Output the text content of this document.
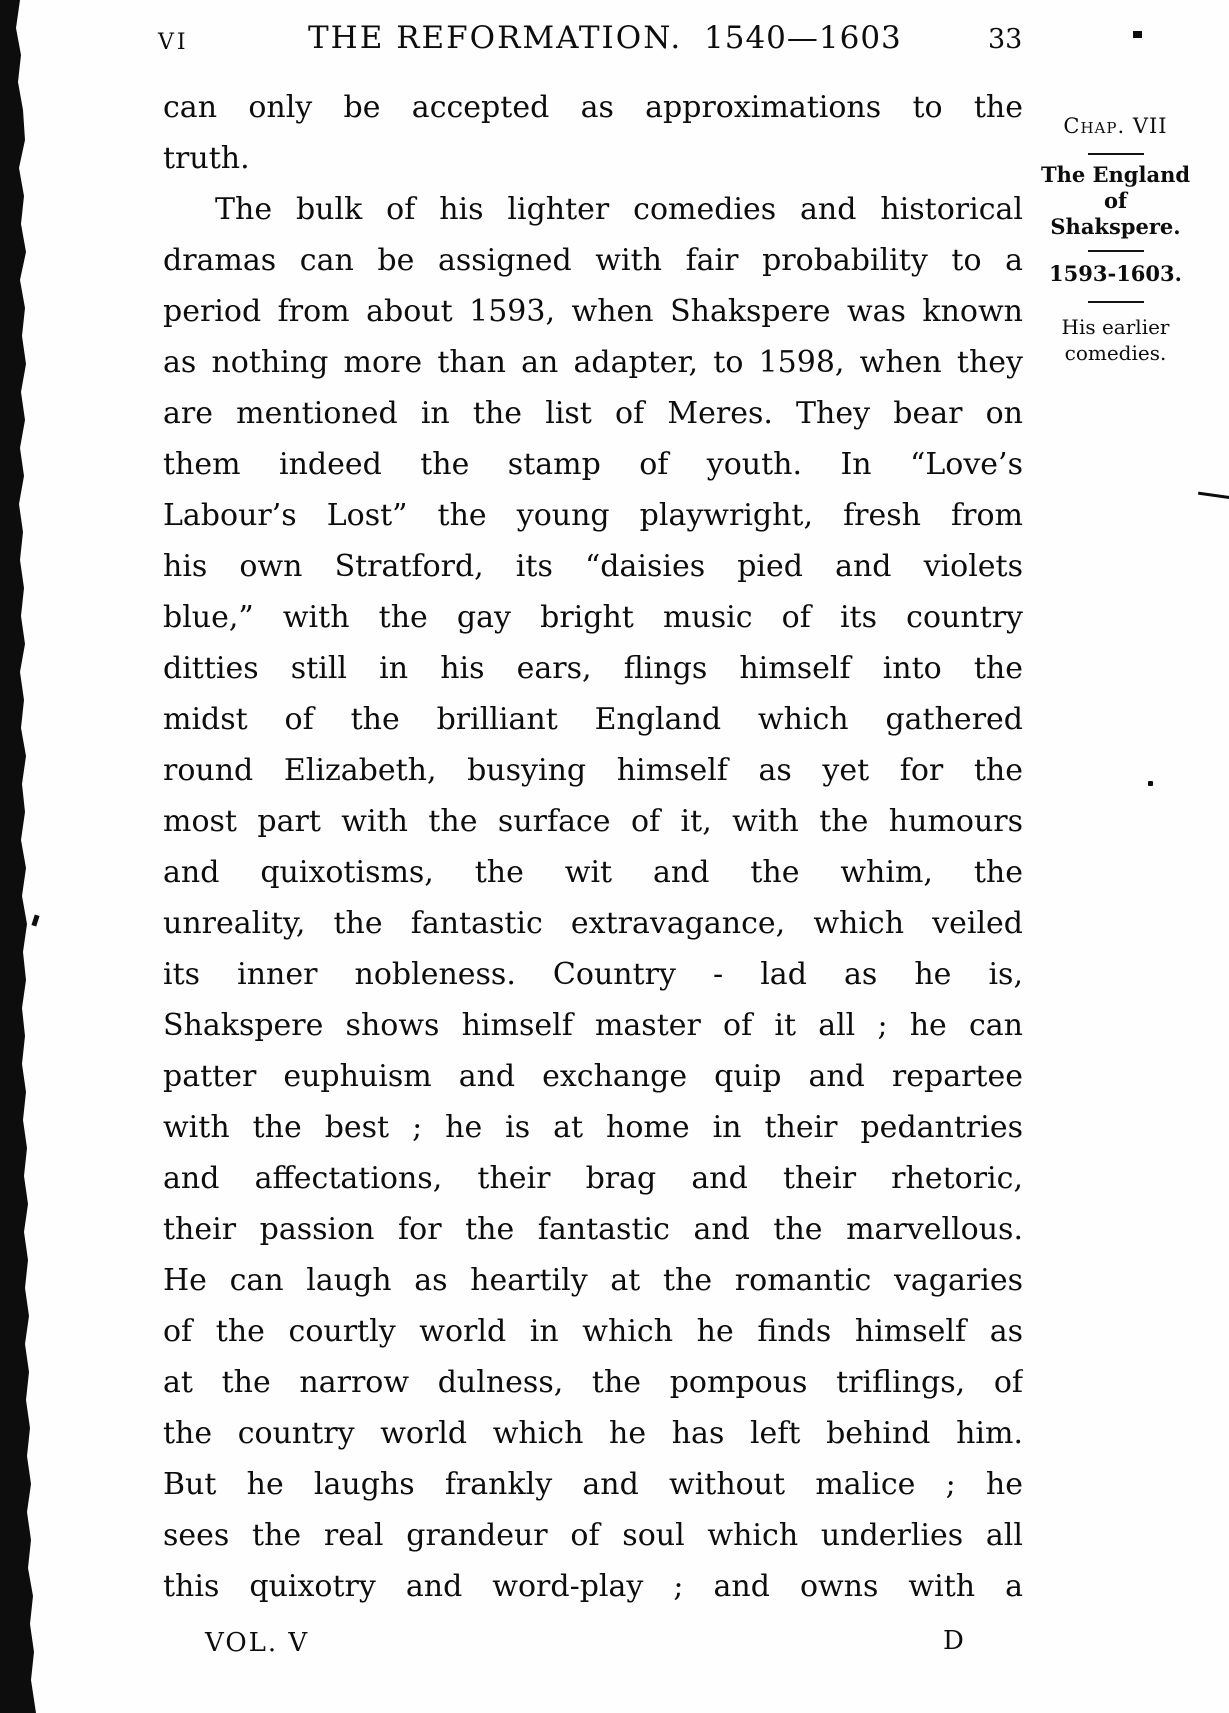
VI	THE REFORMATION. 1540—1603	33
can only be accepted as approximations to the
truth.
The bulk of his lighter comedies and historical
dramas can be assigned with fair probability to a
period from about 1593, when Shakspere was known
as nothing more than an adapter, to 1598, when they
are mentioned in the list of Meres. They bear on
them indeed the stamp of youth. In “Love’s
Labour’s Lost” the young playwright, fresh from
his own Stratford, its “daisies pied and violets
blue,” with the gay bright music of its country
ditties still in his ears, flings himself into the
midst of the brilliant England which gathered
round Elizabeth, busying himself as yet for the
most part with the surface of it, with the humours
and quixotisms, the wit and the whim, the
unreality, the fantastic extravagance, which veiled
its inner nobleness. Country - lad as he is,
Shakspere shows himself master of it all ; he can
patter euphuism and exchange quip and repartee
with the best ; he is at home in their pedantries
and affectations, their brag and their rhetoric,
their passion for the fantastic and the marvellous.
He can laugh as heartily at the romantic vagaries
of the courtly world in which he finds himself as
at the narrow dulness, the pompous triflings, of
the country world which he has left behind him.
But he laughs frankly and without malice ; he
sees the real grandeur of soul which underlies all
this quixotry and word-play ; and owns with a
Chap. VII
The England of Shakspere.
1593-1603.
His earlier comedies.
VOL. V	D
